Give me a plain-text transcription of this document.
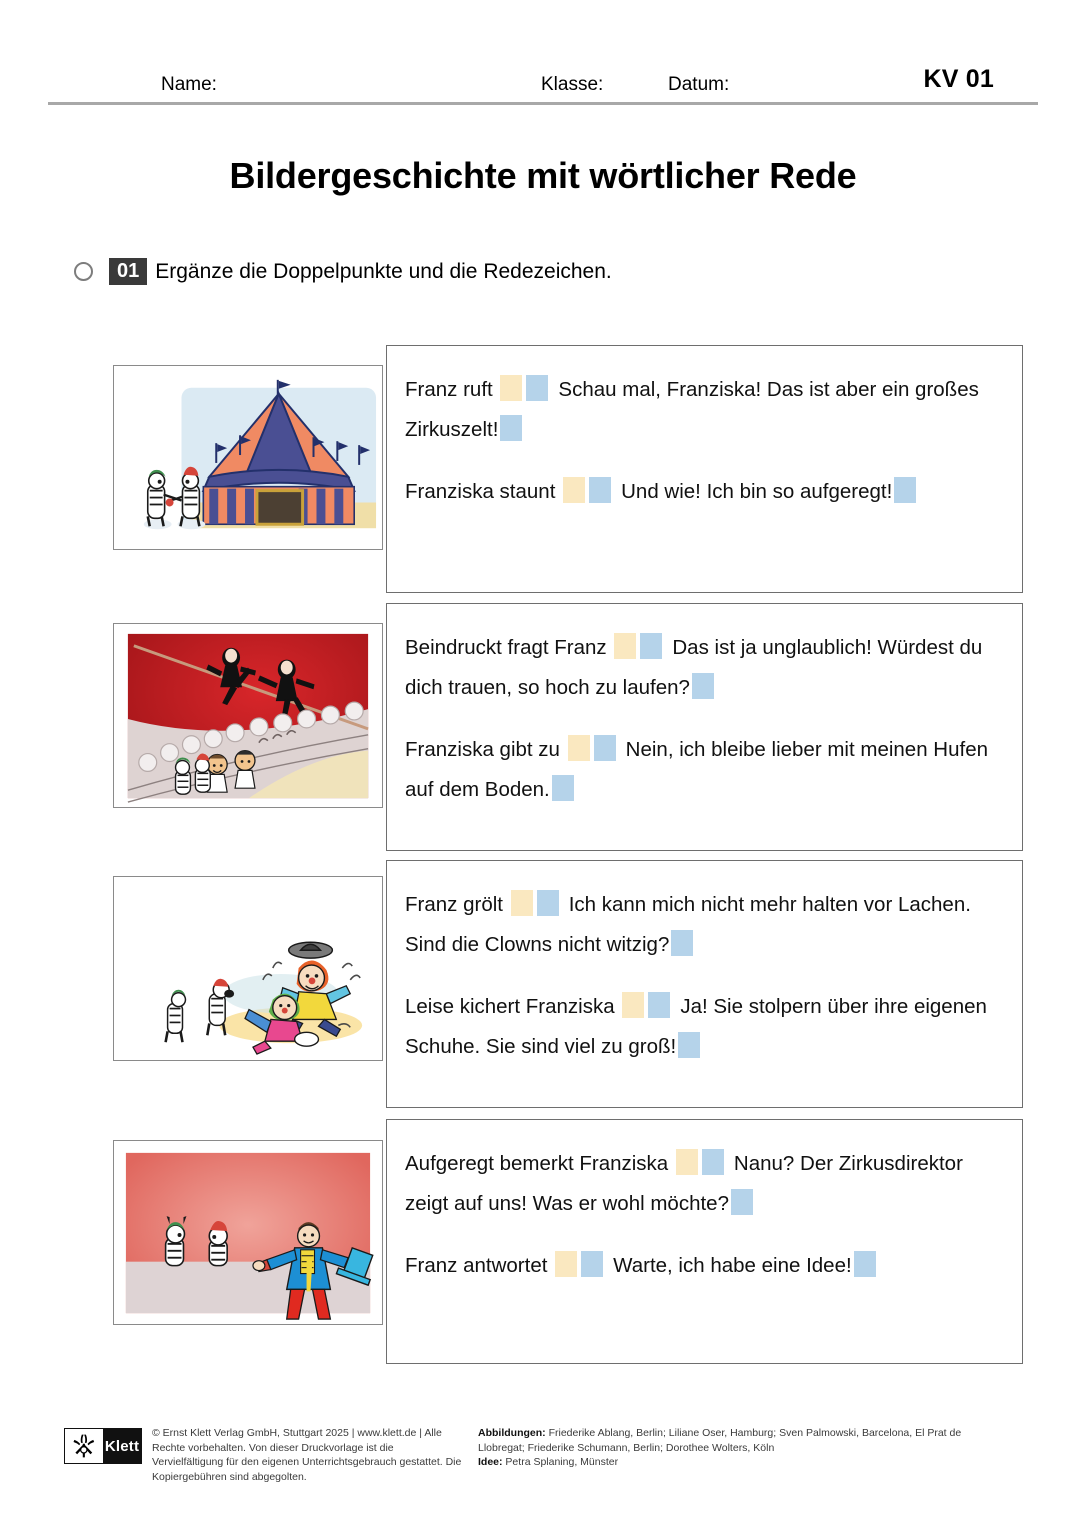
Name:	Klasse:	Datum:	KV 01
Bildergeschichte mit wörtlicher Rede
01 Ergänze die Doppelpunkte und die Redezeichen.
Franz ruft	Schau mal, Franziska! Das ist aber ein großes Zirkuszelt!
Franziska staunt	Und wie! Ich bin so aufgeregt!
Beindruckt fragt Franz	Das ist ja unglaublich! Würdest du dich trauen, so hoch zu laufen?
Franziska gibt zu	Nein, ich bleibe lieber mit meinen Hufen auf dem Boden.
Franz grölt	Ich kann mich nicht mehr halten vor Lachen. Sind die Clowns nicht witzig?
Leise kichert Franziska	Ja! Sie stolpern über ihre eigenen Schuhe. Sie sind viel zu groß!
Aufgeregt bemerkt Franziska	Nanu? Der Zirkusdirektor zeigt auf uns! Was er wohl möchte?
Franz antwortet	Warte, ich habe eine Idee!
Klett
© Ernst Klett Verlag GmbH, Stuttgart 2025 | www.klett.de | Alle Rechte vorbehalten. Von dieser Druckvorlage ist die Vervielfältigung für den eigenen Unterrichtsgebrauch gestattet. Die Kopiergebühren sind abgegolten.
Abbildungen: Friederike Ablang, Berlin; Liliane Oser, Hamburg; Sven Palmowski, Barcelona, El Prat de Llobregat; Friederike Schumann, Berlin; Dorothee Wolters, Köln
Idee: Petra Splaning, Münster
